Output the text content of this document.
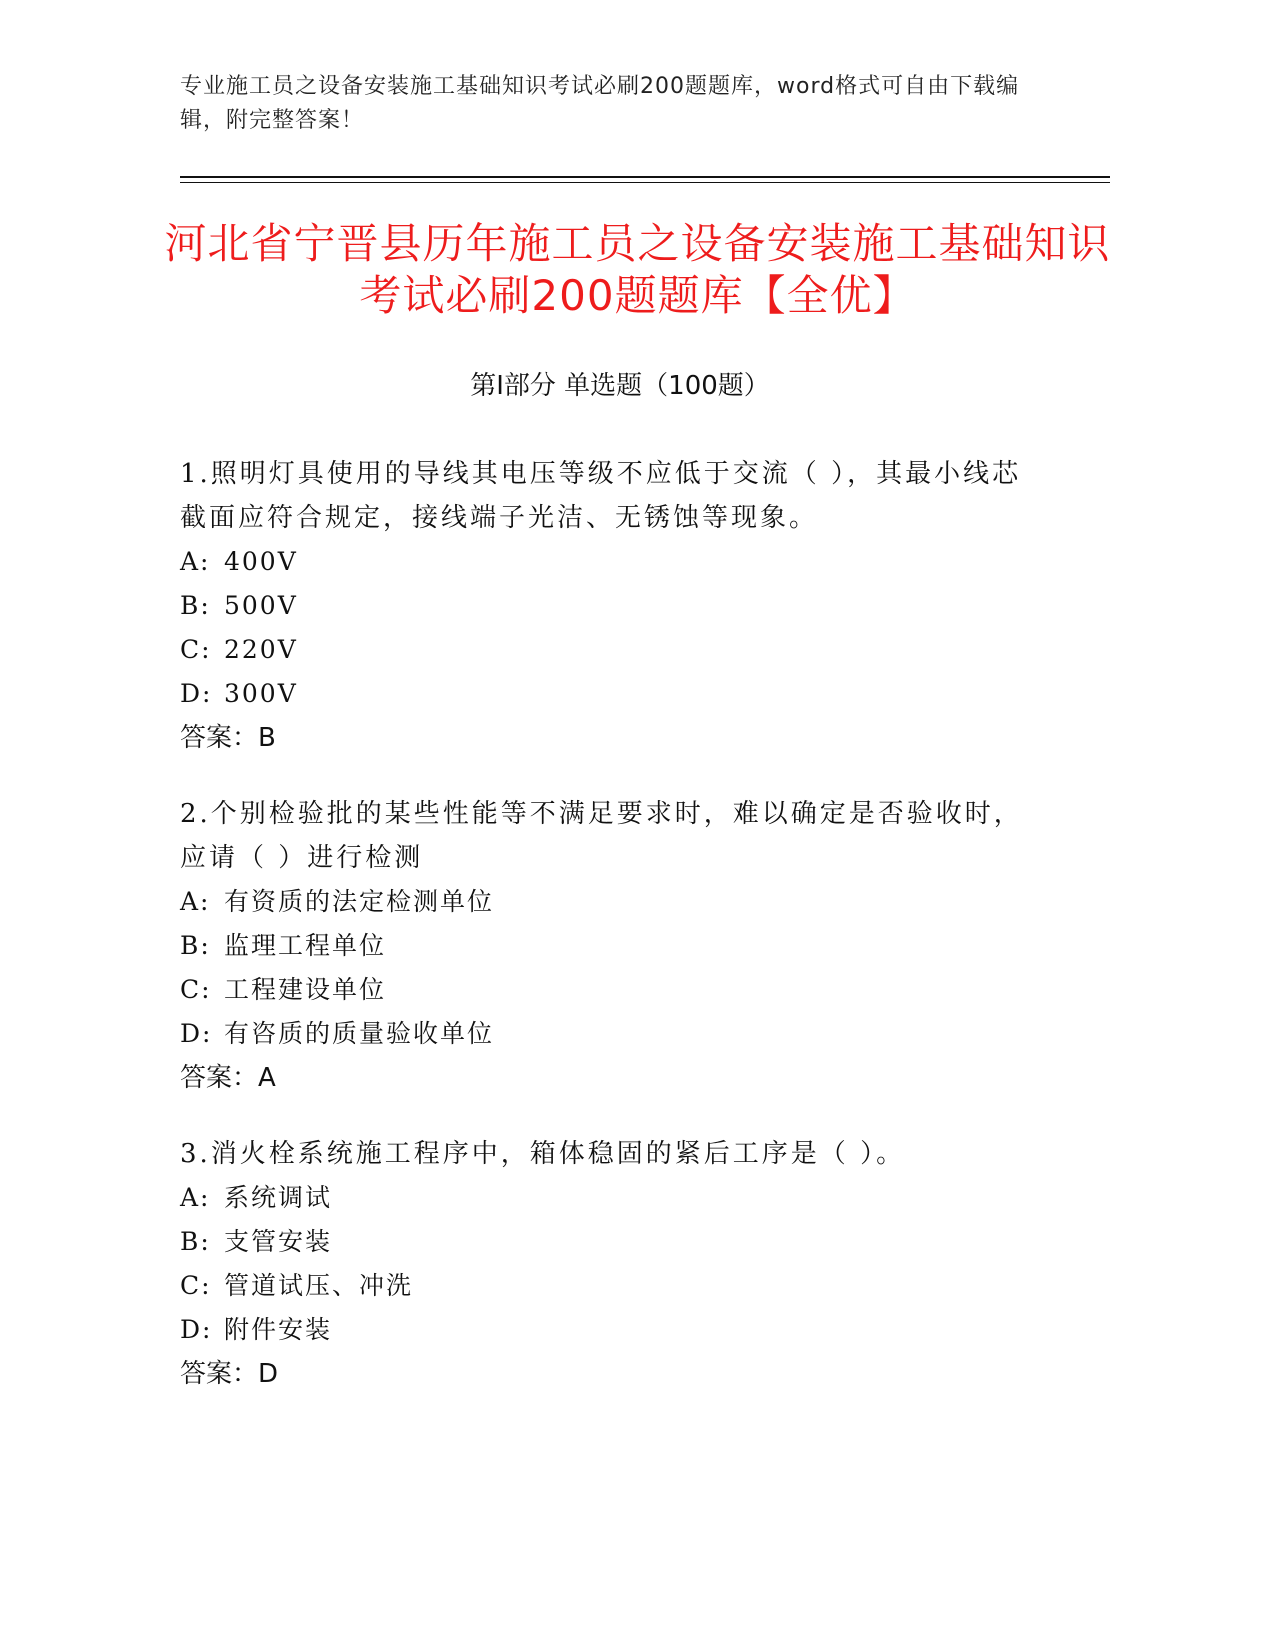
专业施工员之设备安装施工基础知识考试必刷200题题库，word格式可自由下载编辑，附完整答案！
河北省宁晋县历年施工员之设备安装施工基础知识考试必刷200题题库【全优】
第Ⅰ部分 单选题（100题）

1.照明灯具使用的导线其电压等级不应低于交流（ ），其最小线芯截面应符合规定，接线端子光洁、无锈蚀等现象。

A: 400V
B: 500V
C: 220V
D: 300V
答案：B

2.个别检验批的某些性能等不满足要求时，难以确定是否验收时，应请（ ）进行检测

A: 有资质的法定检测单位
B: 监理工程单位
C: 工程建设单位
D: 有咨质的质量验收单位
答案：A

3.消火栓系统施工程序中，箱体稳固的紧后工序是（ ）。

A: 系统调试
B: 支管安装
C: 管道试压、冲洗
D: 附件安装
答案：D
